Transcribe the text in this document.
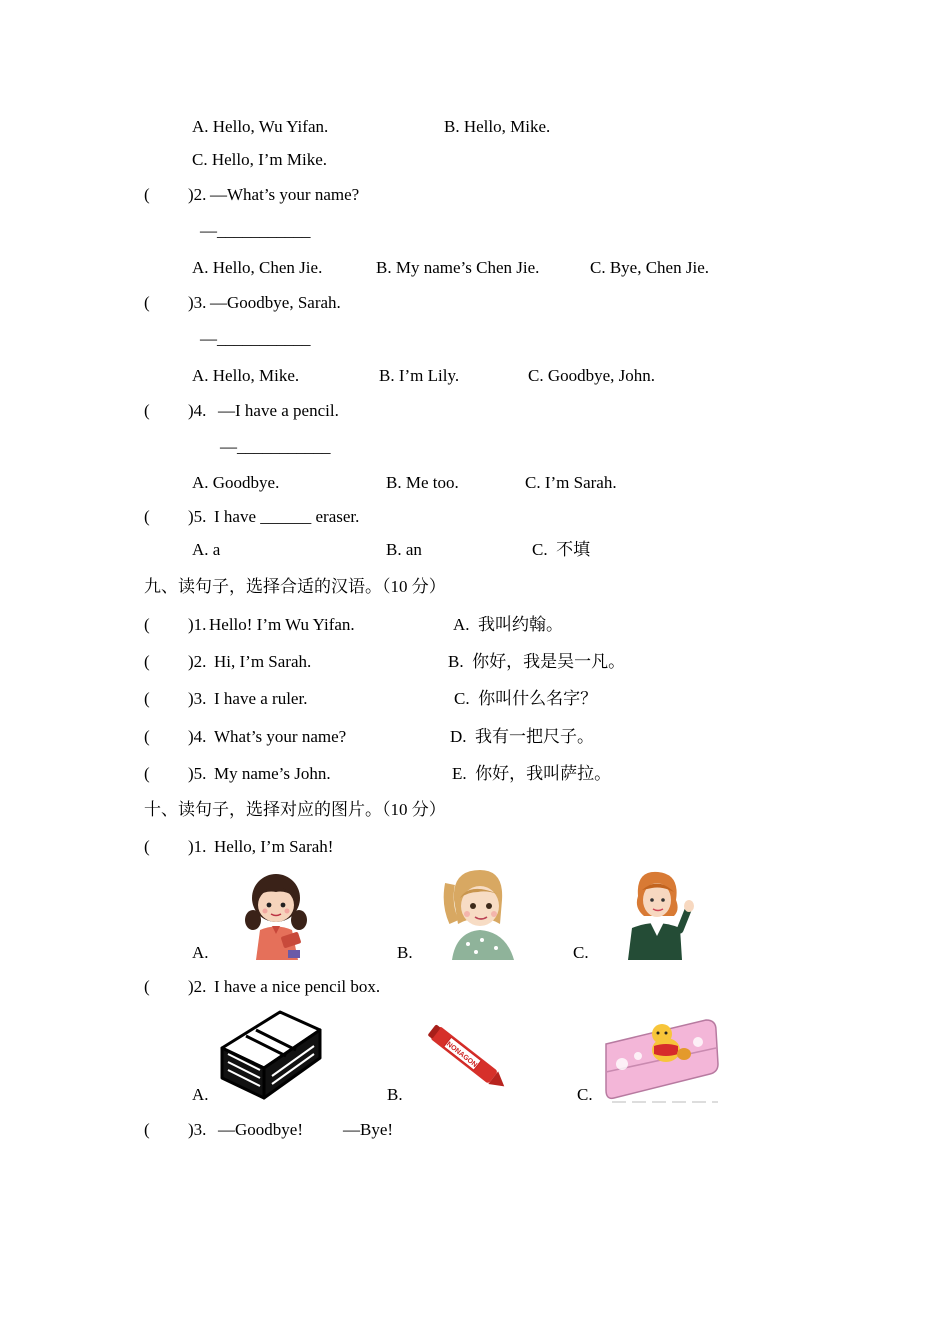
A. Hello, Wu Yifan.	B. Hello, Mike.
C. Hello, I’m Mike.
( )2. —What’s your name?
—___________
A. Hello, Chen Jie.	B. My name’s Chen Jie.	C. Bye, Chen Jie.
( )3. —Goodbye, Sarah.
—___________
A. Hello, Mike.	B. I’m Lily.	C. Goodbye, John.
( )4. —I have a pencil.
—___________
A. Goodbye.	B. Me too.	C. I’m Sarah.
( )5. I have ______ eraser.
A. a	B. an	C.  不填
九、读句子，选择合适的汉语。（10 分）
( )1. Hello! I’m Wu Yifan.	A.  我叫约翰。
( )2. Hi, I’m Sarah.	B.  你好，我是吴一凡。
( )3. I have a ruler.	C.  你叫什么名字？
( )4. What’s your name?	D.  我有一把尺子。
( )5. My name’s John.	E.  你好，我叫萨拉。
十、读句子，选择对应的图片。（10 分）
( )1. Hello, I’m Sarah!
A.	B.	C.
( )2. I have a nice pencil box.
A.
NONAGON
B.	C.
( )3. —Goodbye! —Bye!
